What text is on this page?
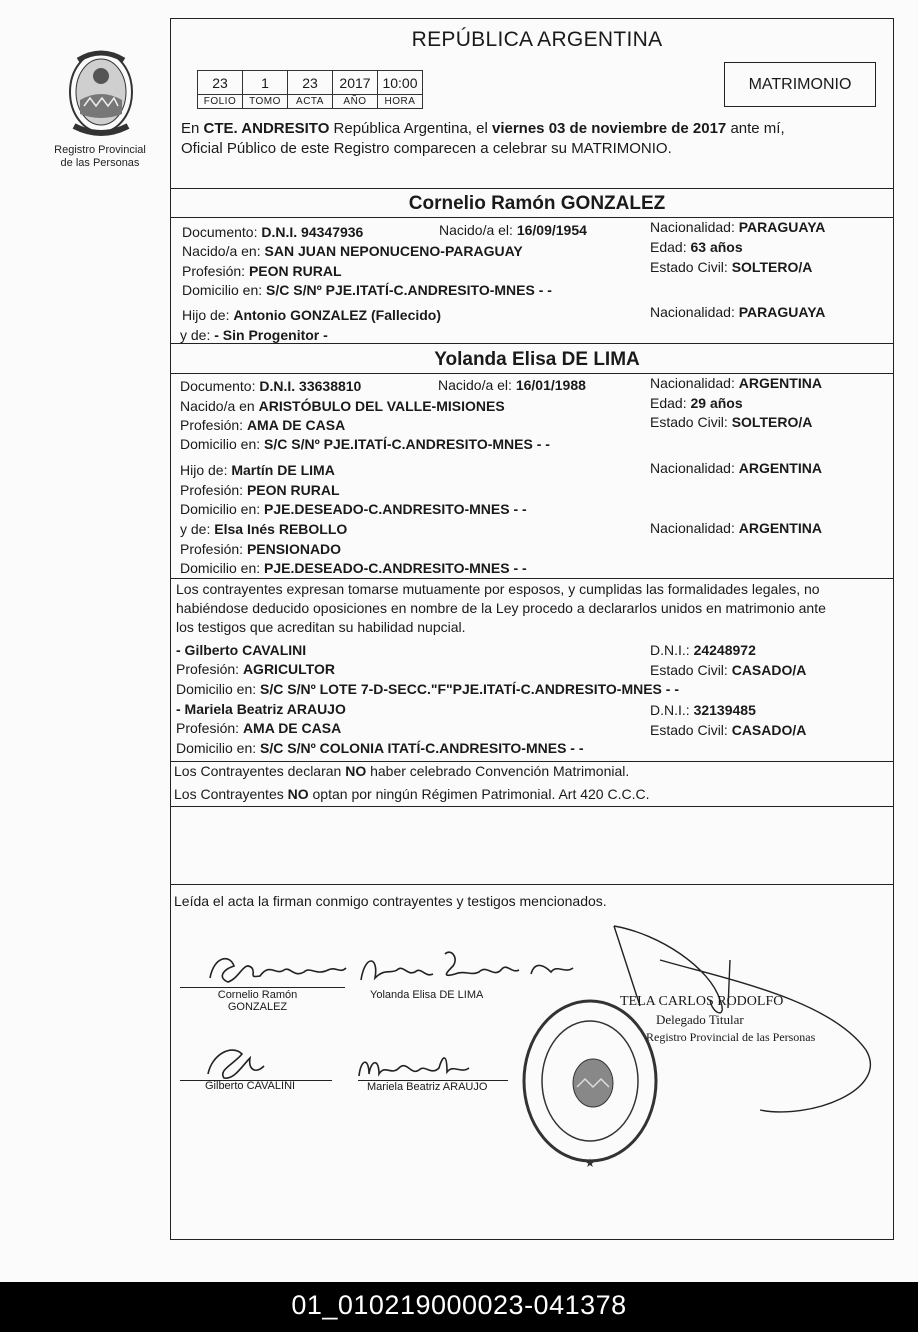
Registro Provincial
de las Personas
REPÚBLICA ARGENTINA
23	1	23	2017	10:00
FOLIO	TOMO	ACTA	AÑO	HORA
MATRIMONIO
En CTE. ANDRESITO República Argentina, el viernes 03 de noviembre de 2017 ante mí,
Oficial Público de este Registro comparecen a celebrar su MATRIMONIO.
Cornelio Ramón GONZALEZ
Documento: D.N.I. 94347936	Nacido/a el: 16/09/1954	Nacionalidad: PARAGUAYA
Nacido/a en: SAN JUAN NEPONUCENO-PARAGUAY	Edad: 63 años
Profesión: PEON RURAL	Estado Civil: SOLTERO/A
Domicilio en: S/C S/Nº PJE.ITATÍ-C.ANDRESITO-MNES - -
Hijo de: Antonio GONZALEZ (Fallecido)	Nacionalidad: PARAGUAYA
y de: - Sin Progenitor -
Yolanda Elisa DE LIMA
Documento: D.N.I. 33638810	Nacido/a el: 16/01/1988	Nacionalidad: ARGENTINA
Nacido/a en ARISTÓBULO DEL VALLE-MISIONES	Edad: 29 años
Profesión: AMA DE CASA	Estado Civil: SOLTERO/A
Domicilio en: S/C S/Nº PJE.ITATÍ-C.ANDRESITO-MNES - -
Hijo de: Martín DE LIMA	Nacionalidad: ARGENTINA
Profesión: PEON RURAL
Domicilio en: PJE.DESEADO-C.ANDRESITO-MNES - -
y de: Elsa Inés REBOLLO	Nacionalidad: ARGENTINA
Profesión: PENSIONADO
Domicilio en: PJE.DESEADO-C.ANDRESITO-MNES - -
Los contrayentes expresan tomarse mutuamente por esposos, y cumplidas las formalidades legales, no
habiéndose deducido oposiciones en nombre de la Ley procedo a declararlos unidos en matrimonio ante
los testigos que acreditan su habilidad nupcial.
- Gilberto CAVALINI	D.N.I.: 24248972
Profesión: AGRICULTOR	Estado Civil: CASADO/A
Domicilio en: S/C S/Nº LOTE 7-D-SECC."F"PJE.ITATÍ-C.ANDRESITO-MNES - -
- Mariela Beatriz ARAUJO	D.N.I.: 32139485
Profesión: AMA DE CASA	Estado Civil: CASADO/A
Domicilio en: S/C S/Nº COLONIA ITATÍ-C.ANDRESITO-MNES - -
Los Contrayentes declaran NO haber celebrado Convención Matrimonial.
Los Contrayentes NO optan por ningún Régimen Patrimonial. Art 420 C.C.C.
Leída el acta la firman conmigo contrayentes y testigos mencionados.
Cornelio Ramón
GONZALEZ
Yolanda Elisa DE LIMA
Gilberto CAVALINI	Mariela Beatriz ARAUJO
TELA CARLOS RODOLFO
Delegado Titular
Registro Provincial de las Personas
★
01_010219000023-041378
